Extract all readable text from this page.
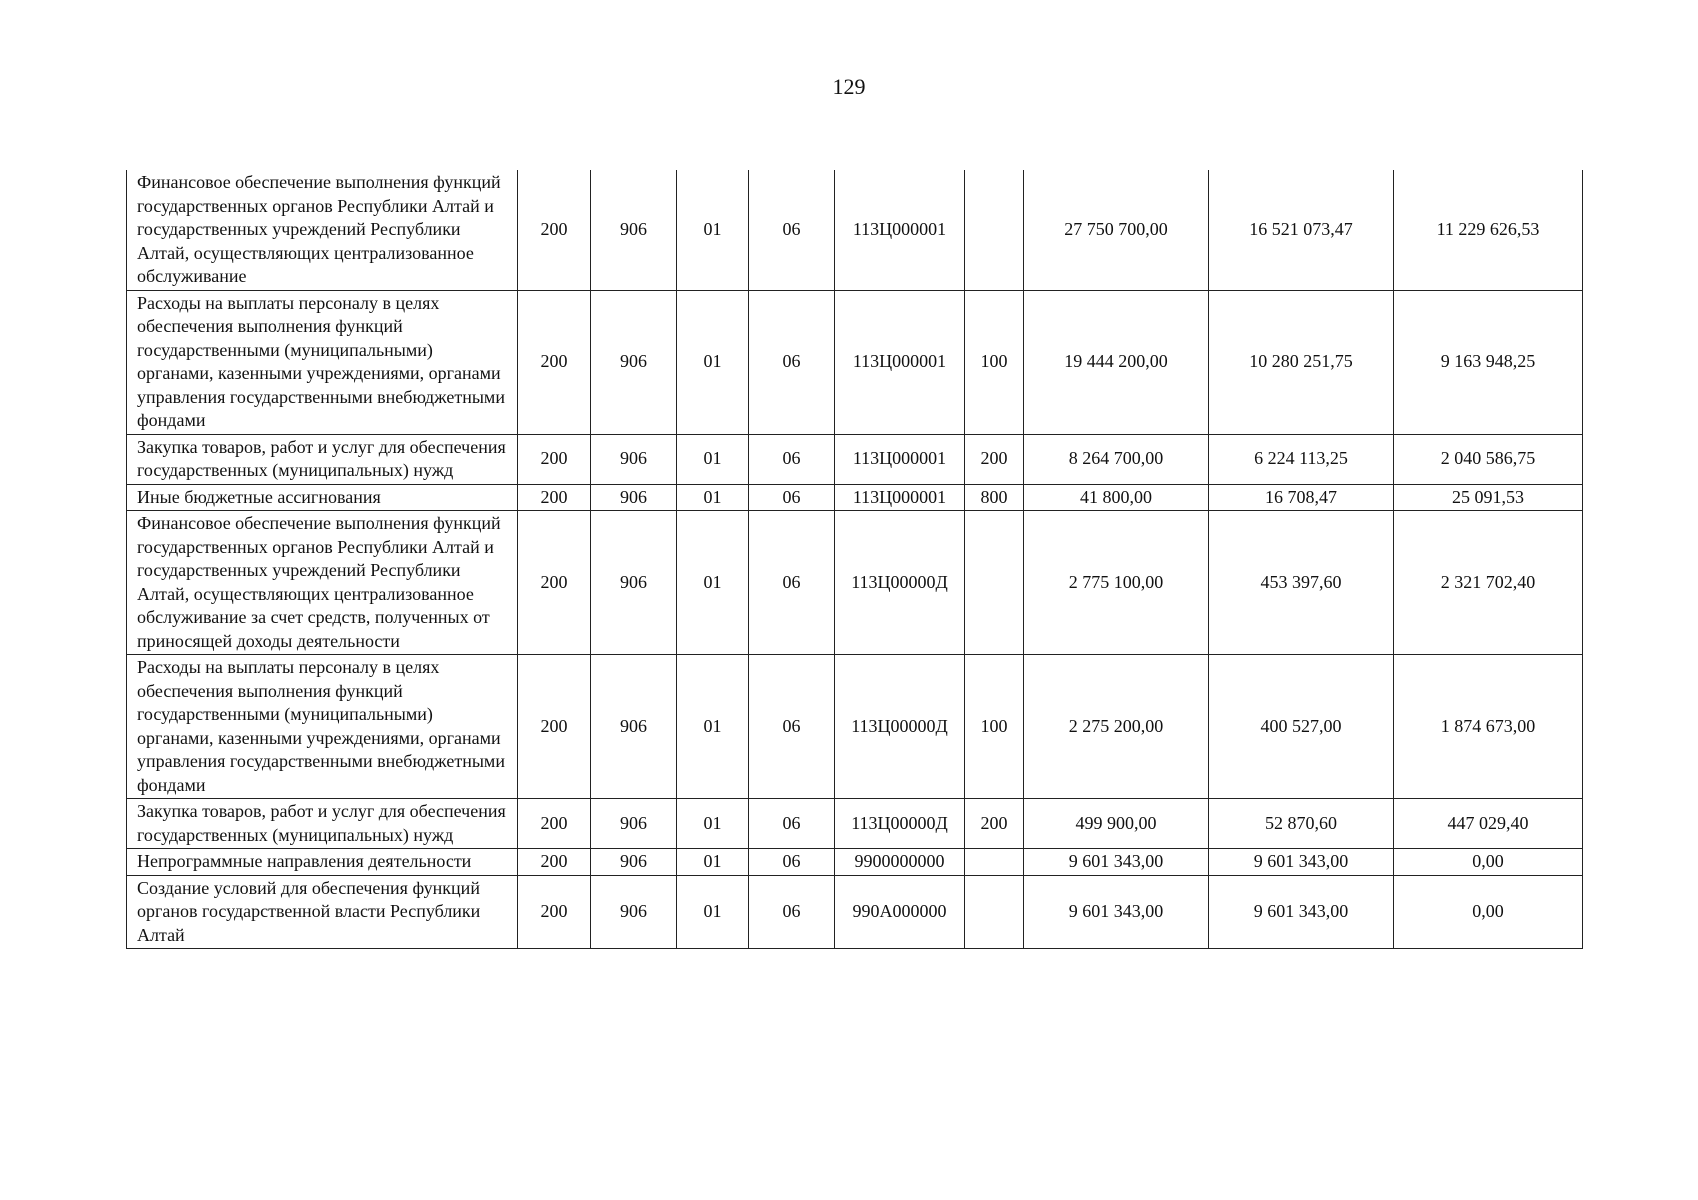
129
Финансовое обеспечение выполнения функций государственных органов Республики Алтай и государственных учреждений Республики Алтай, осуществляющих централизованное обслуживание	200	906	01	06	113Ц000001		27 750 700,00	16 521 073,47	11 229 626,53
Расходы на выплаты персоналу в целях обеспечения выполнения функций государственными (муниципальными) органами, казенными учреждениями, органами управления государственными внебюджетными фондами	200	906	01	06	113Ц000001	100	19 444 200,00	10 280 251,75	9 163 948,25
Закупка товаров, работ и услуг для обеспечения государственных (муниципальных) нужд	200	906	01	06	113Ц000001	200	8 264 700,00	6 224 113,25	2 040 586,75
Иные бюджетные ассигнования	200	906	01	06	113Ц000001	800	41 800,00	16 708,47	25 091,53
Финансовое обеспечение выполнения функций государственных органов Республики Алтай и государственных учреждений Республики Алтай, осуществляющих централизованное обслуживание за счет средств, полученных от приносящей доходы деятельности	200	906	01	06	113Ц00000Д		2 775 100,00	453 397,60	2 321 702,40
Расходы на выплаты персоналу в целях обеспечения выполнения функций государственными (муниципальными) органами, казенными учреждениями, органами управления государственными внебюджетными фондами	200	906	01	06	113Ц00000Д	100	2 275 200,00	400 527,00	1 874 673,00
Закупка товаров, работ и услуг для обеспечения государственных (муниципальных) нужд	200	906	01	06	113Ц00000Д	200	499 900,00	52 870,60	447 029,40
Непрограммные направления деятельности	200	906	01	06	9900000000		9 601 343,00	9 601 343,00	0,00
Создание условий для обеспечения функций органов государственной власти Республики Алтай	200	906	01	06	990А000000		9 601 343,00	9 601 343,00	0,00
